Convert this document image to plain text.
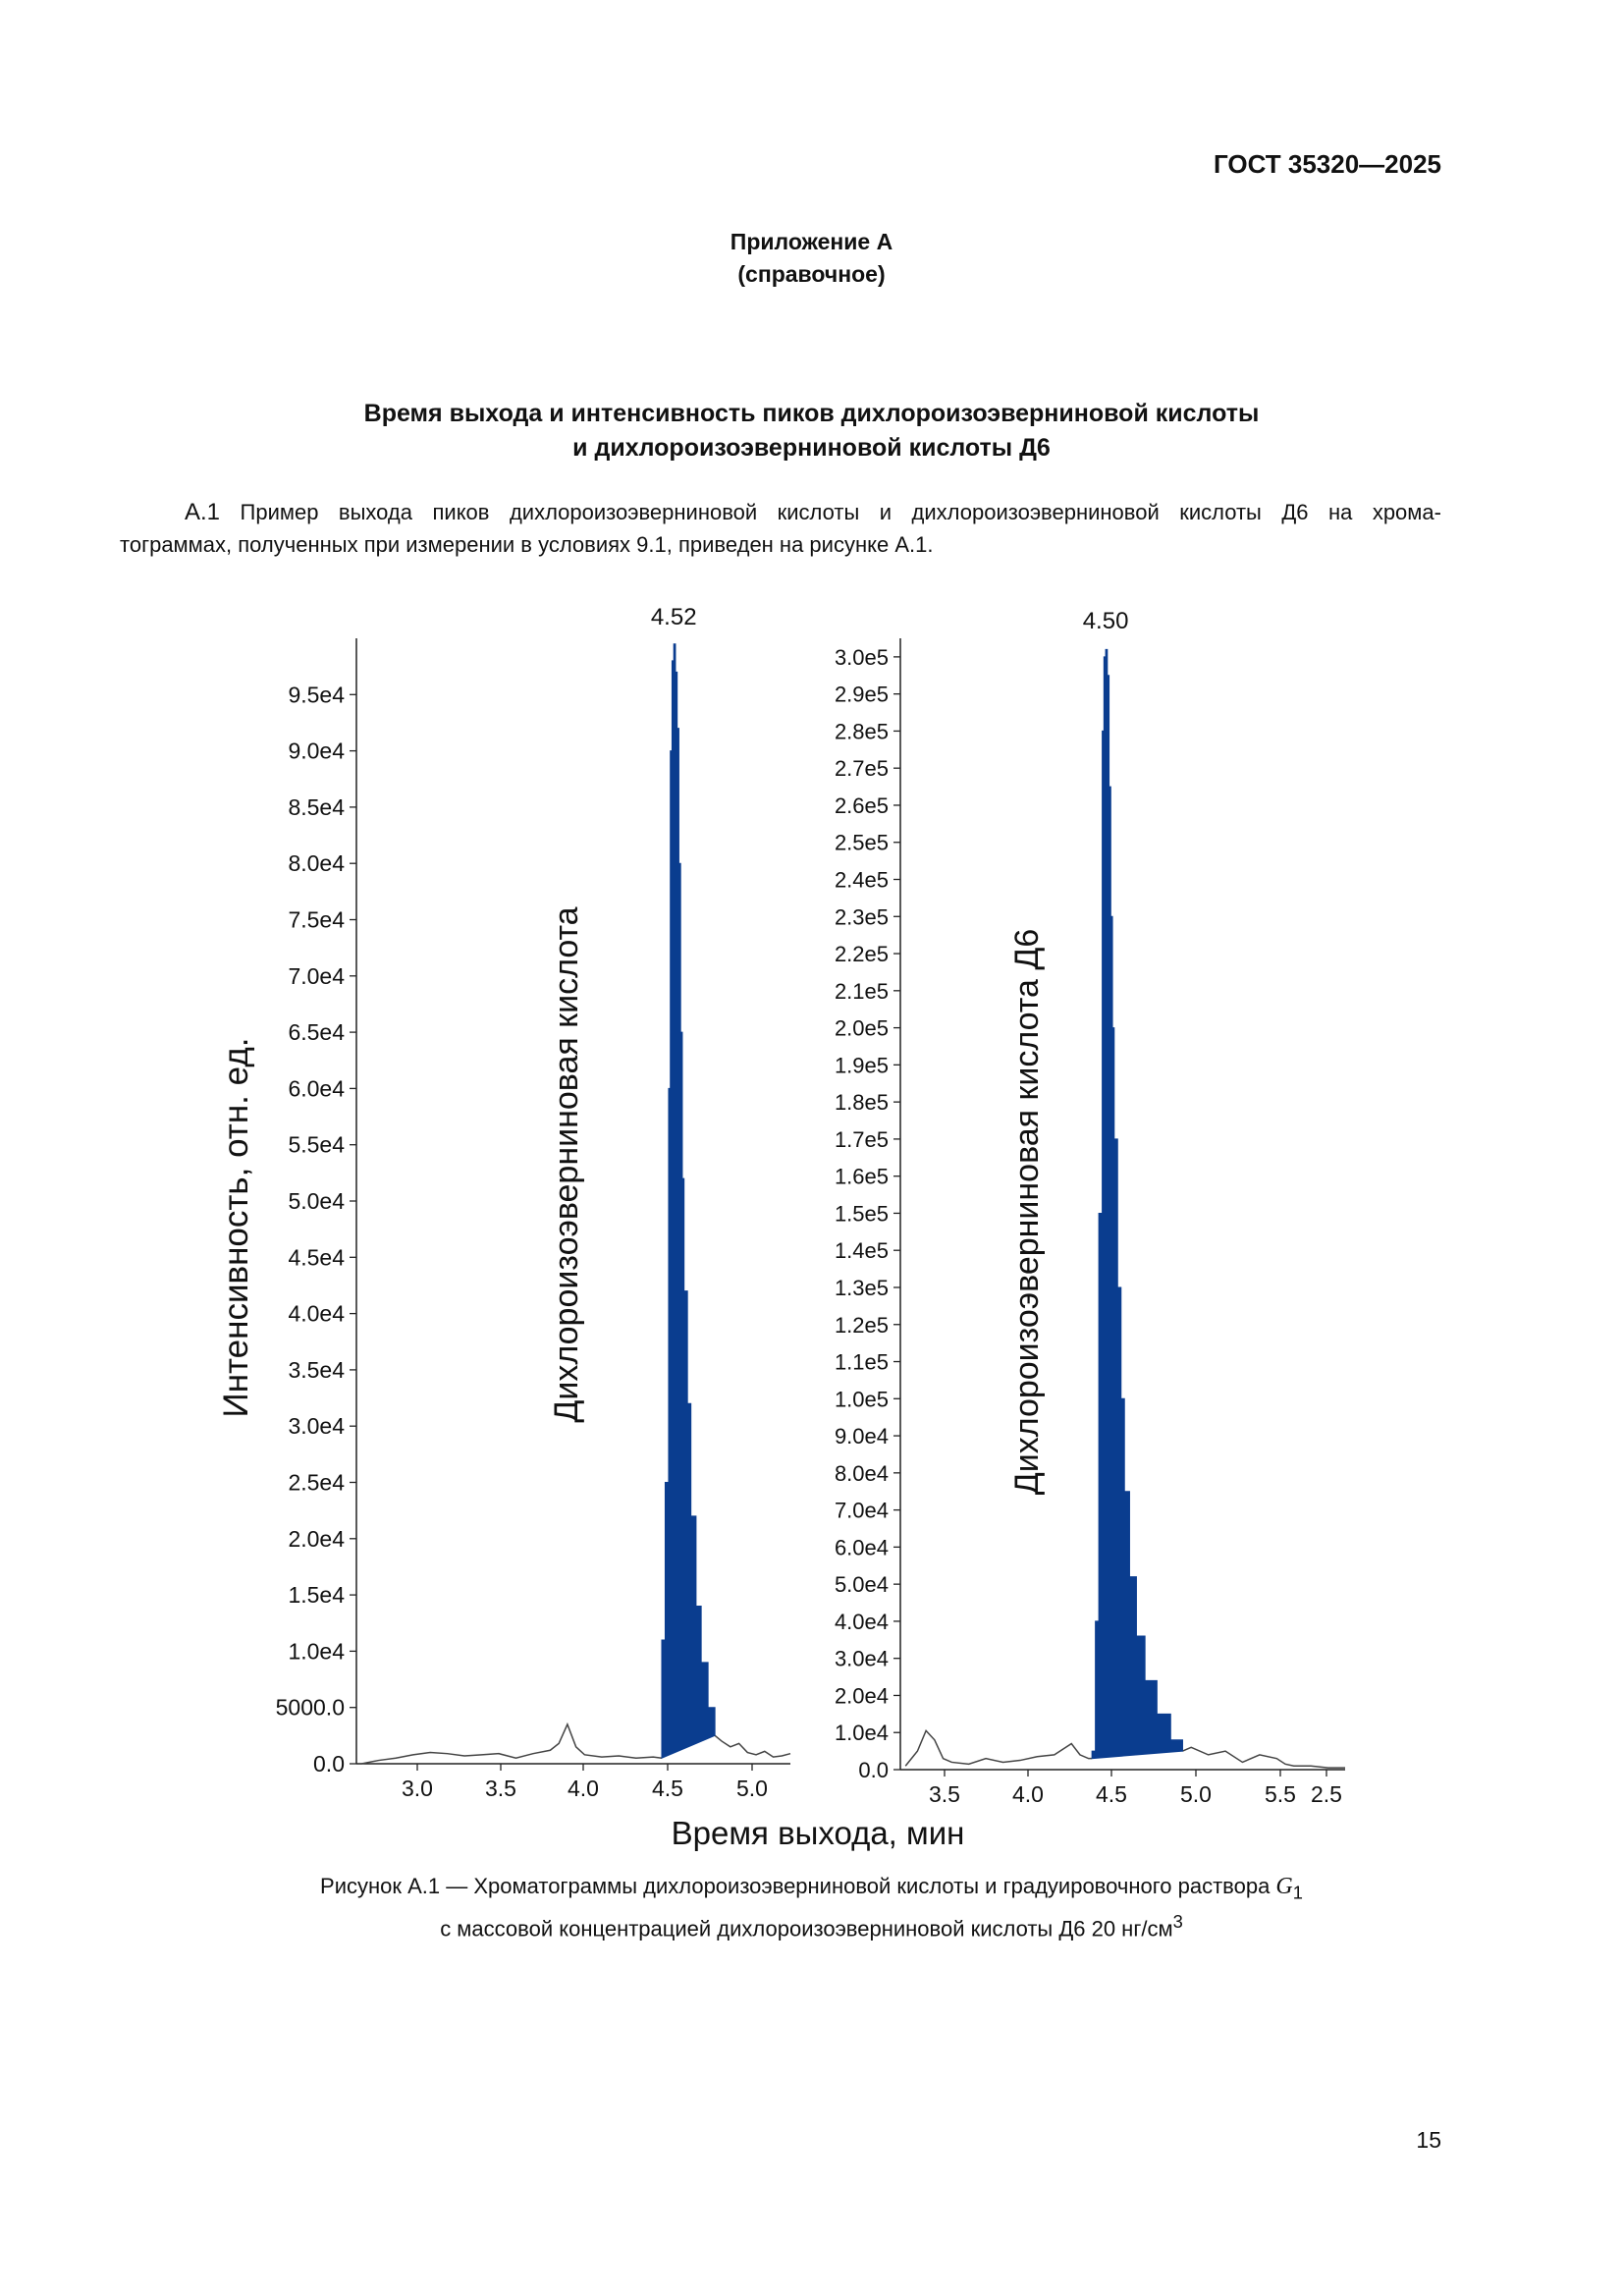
ГОСТ 35320—2025
Приложение А
(справочное)
Время выхода и интенсивность пиков дихлороизоэверниновой кислоты
и дихлороизоэверниновой кислоты Д6
А.1 Пример выхода пиков дихлороизоэверниновой кислоты и дихлороизоэверниновой кислоты Д6 на хрома-
тограммах, полученных при измерении в условиях 9.1, приведен на рисунке А.1.
0.0
5000.0
1.0e4
1.5e4
2.0e4
2.5e4
3.0e4
3.5e4
4.0e4
4.5e4
5.0e4
5.5e4
6.0e4
6.5e4
7.0e4
7.5e4
8.0e4
8.5e4
9.0e4
9.5e4
3.0 3.5 4.0 4.5 5.0
4.52
Дихлороизоэверниновая кислота
0.0
1.0e4
2.0e4
3.0e4
4.0e4
5.0e4
6.0e4
7.0e4
8.0e4
9.0e4
1.0e5
1.1e5
1.2e5
1.3e5
1.4e5
1.5e5
1.6e5
1.7e5
1.8e5
1.9e5
2.0e5
2.1e5
2.2e5
2.3e5
2.4e5
2.5e5
2.6e5
2.7e5
2.8e5
2.9e5
3.0e5
3.5 4.0 4.5 5.0 5.5 2.5
4.50
Дихлороизоэверниновая кислота Д6
Интенсивность, отн. ед.
Время выхода, мин
Рисунок А.1 — Хроматограммы дихлороизоэверниновой кислоты и градуировочного раствора $G_1$
с массовой концентрацией дихлороизоэверниновой кислоты Д6 20 $нг/см^3$
15
